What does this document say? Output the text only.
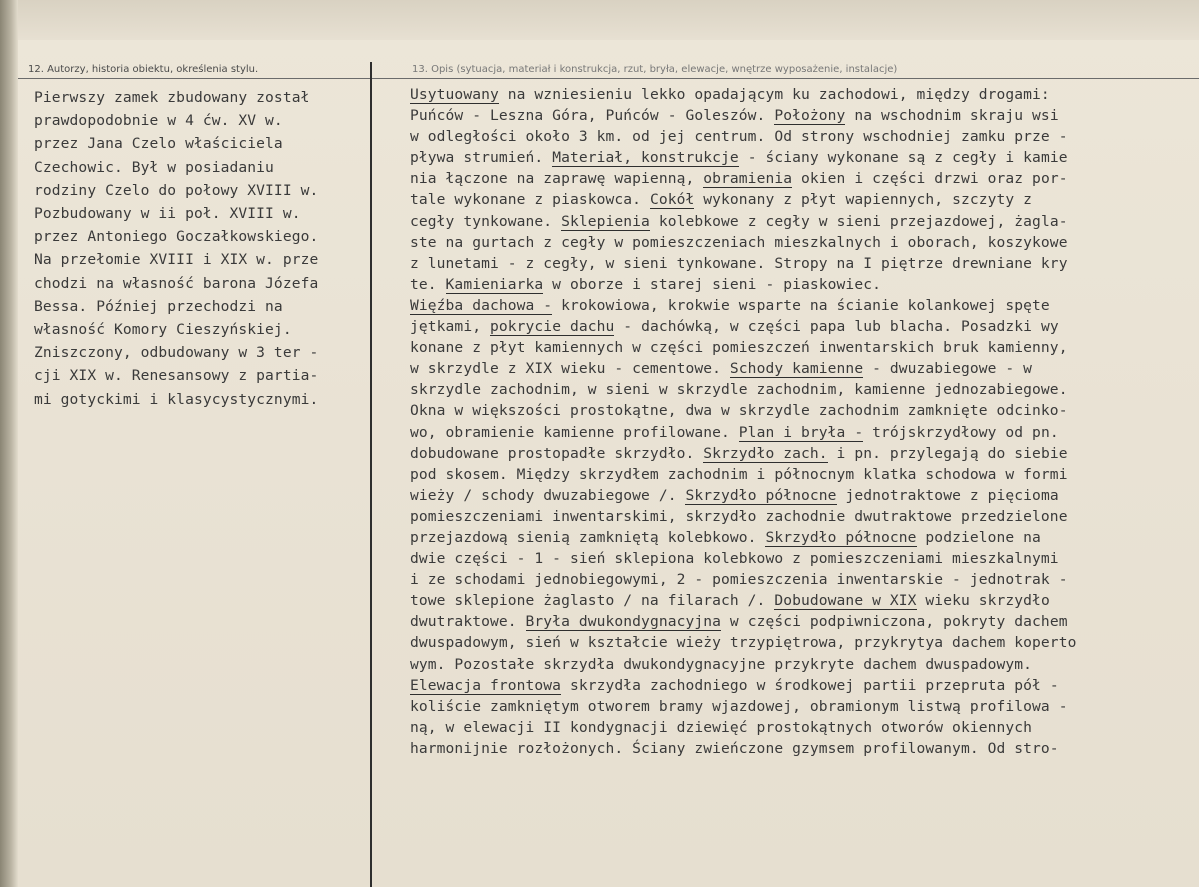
12. Autorzy, historia obiektu, określenia stylu.	13. Opis (sytuacja, materiał i konstrukcja, rzut, bryła, elewacje, wnętrze wyposażenie, instalacje)
Pierwszy zamek zbudowany został
prawdopodobnie w 4 ćw. XV w.
przez Jana Czelo właściciela
Czechowic. Był w posiadaniu
rodziny Czelo do połowy XVIII w.
Pozbudowany w ii poł. XVIII w.
przez Antoniego Goczałkowskiego.
Na przełomie XVIII i XIX w. prze
chodzi na własność barona Józefa
Bessa. Później przechodzi na
własność Komory Cieszyńskiej.
Zniszczony, odbudowany w 3 ter -
cji XIX w. Renesansowy z partia-
mi gotyckimi i klasycystycznymi.
Usytuowany na wzniesieniu lekko opadającym ku zachodowi, między drogami:
Puńców - Leszna Góra, Puńców - Goleszów. Położony na wschodnim skraju wsi
w odległości około 3 km. od jej centrum. Od strony wschodniej zamku prze -
pływa strumień. Materiał, konstrukcje - ściany wykonane są z cegły i kamie
nia łączone na zaprawę wapienną, obramienia okien i części drzwi oraz por-
tale wykonane z piaskowca. Cokół wykonany z płyt wapiennych, szczyty z
cegły tynkowane. Sklepienia kolebkowe z cegły w sieni przejazdowej, żagla-
ste na gurtach z cegły w pomieszczeniach mieszkalnych i oborach, koszykowe
z lunetami - z cegły, w sieni tynkowane. Stropy na I piętrze drewniane kry
te. Kamieniarka w oborze i starej sieni - piaskowiec.
Więźba dachowa - krokowiowa, krokwie wsparte na ścianie kolankowej spęte
jętkami, pokrycie dachu - dachówką, w części papa lub blacha. Posadzki wy
konane z płyt kamiennych w części pomieszczeń inwentarskich bruk kamienny,
w skrzydle z XIX wieku - cementowe. Schody kamienne - dwuzabiegowe - w
skrzydle zachodnim, w sieni w skrzydle zachodnim, kamienne jednozabiegowe.
Okna w większości prostokątne, dwa w skrzydle zachodnim zamknięte odcinko-
wo, obramienie kamienne profilowane. Plan i bryła - trójskrzydłowy od pn.
dobudowane prostopadłe skrzydło. Skrzydło zach. i pn. przylegają do siebie
pod skosem. Między skrzydłem zachodnim i północnym klatka schodowa w formi
wieży / schody dwuzabiegowe /. Skrzydło północne jednotraktowe z pięcioma
pomieszczeniami inwentarskimi, skrzydło zachodnie dwutraktowe przedzielone
przejazdową sienią zamkniętą kolebkowo. Skrzydło północne podzielone na
dwie części - 1 - sień sklepiona kolebkowo z pomieszczeniami mieszkalnymi
i ze schodami jednobiegowymi, 2 - pomieszczenia inwentarskie - jednotrak -
towe sklepione żaglasto / na filarach /. Dobudowane w XIX wieku skrzydło
dwutraktowe. Bryła dwukondygnacyjna w części podpiwniczona, pokryty dachem
dwuspadowym, sień w kształcie wieży trzypiętrowa, przykrytya dachem koperto
wym. Pozostałe skrzydła dwukondygnacyjne przykryte dachem dwuspadowym.
Elewacja frontowa skrzydła zachodniego w środkowej partii przepruta pół -
koliście zamkniętym otworem bramy wjazdowej, obramionym listwą profilowa -
ną, w elewacji II kondygnacji dziewięć prostokątnych otworów okiennych
harmonijnie rozłożonych. Ściany zwieńczone gzymsem profilowanym. Od stro-
